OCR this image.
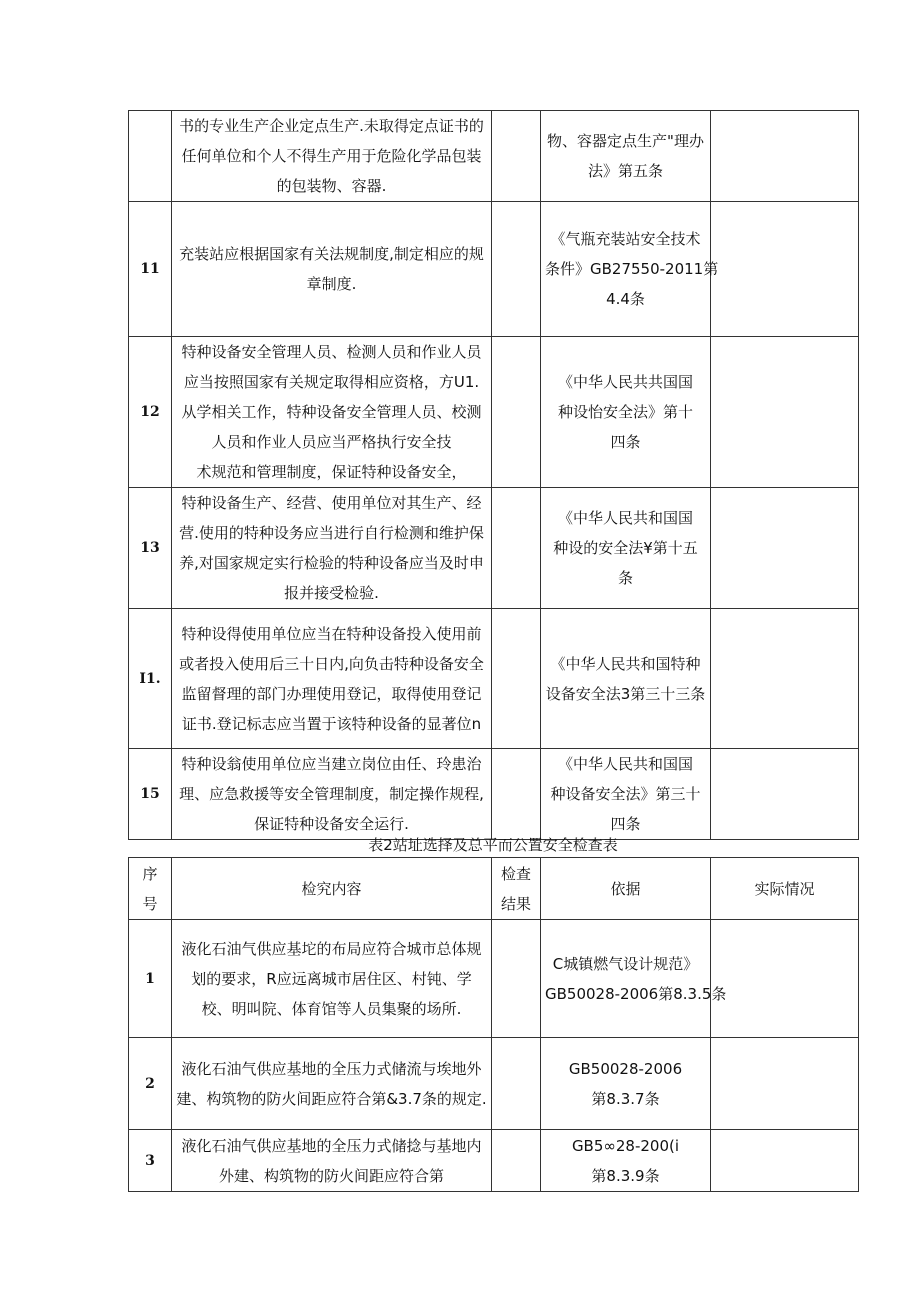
	书的专业生产企业定点生产.未取得定点证书的
任何单位和个人不得生产用于危险化学品包装
的包装物、容器.		物、容器定点生产"理办
法》第五条	

11	充装站应根据国家有关法规制度,制定相应的规
章制度.		《气瓶充装站安全技术
条件》GB27550-2011第
4.4条	

12	特种设备安全管理人员、检测人员和作业人员
应当按照国家有关规定取得相应资格，方U1.
从学相关工作，特种设备安全管理人员、校测
人员和作业人员应当严格执行安全技
术规范和管理制度，保证特种设备安全，		《中华人民共共国国
种设怡安全法》第十
四条	

13	特种设备生产、经营、使用单位对其生产、经
营.使用的特种设务应当进行自行检测和维护保
养,对国家规定实行检验的特种设备应当及时申
报并接受检验.		《中华人民共和国国
种设的安全法¥第十五
条	

I1.	特种设得使用单位应当在特种设备投入使用前
或者投入使用后三十日内,向负击特种设备安全
监留督理的部门办理使用登记，取得使用登记
证书.登记标志应当置于该特种设备的显著位n		《中华人民共和国特种
设备安全法3第三十三条	

15	特种设翁使用单位应当建立岗位由任、玲患治
理、应急救援等安全管理制度，制定操作规程,
保证特种设备安全运行.		《中华人民共和国国
种设备安全法》第三十
四条	

表2站址选择及总平而公置安全检查表
序
号	检究内容	检查
结果	依据	实际情况
1	液化石油气供应基坨的布局应符合城市总体规
划的要求，R应远离城市居住区、村钝、学
校、明叫院、体育馆等人员集聚的场所.		C城镇燃气设计规范》
GB50028-2006第8.3.5条	

2	液化石油气供应基地的全压力式储流与埃地外
建、构筑物的防火间距应符合第&3.7条的规定.		GB50028-2006
第8.3.7条	

3	液化石油气供应基地的全压力式储捻与基地内
外建、构筑物的防火间距应符合第		GB5∞28-200(i
第8.3.9条	
